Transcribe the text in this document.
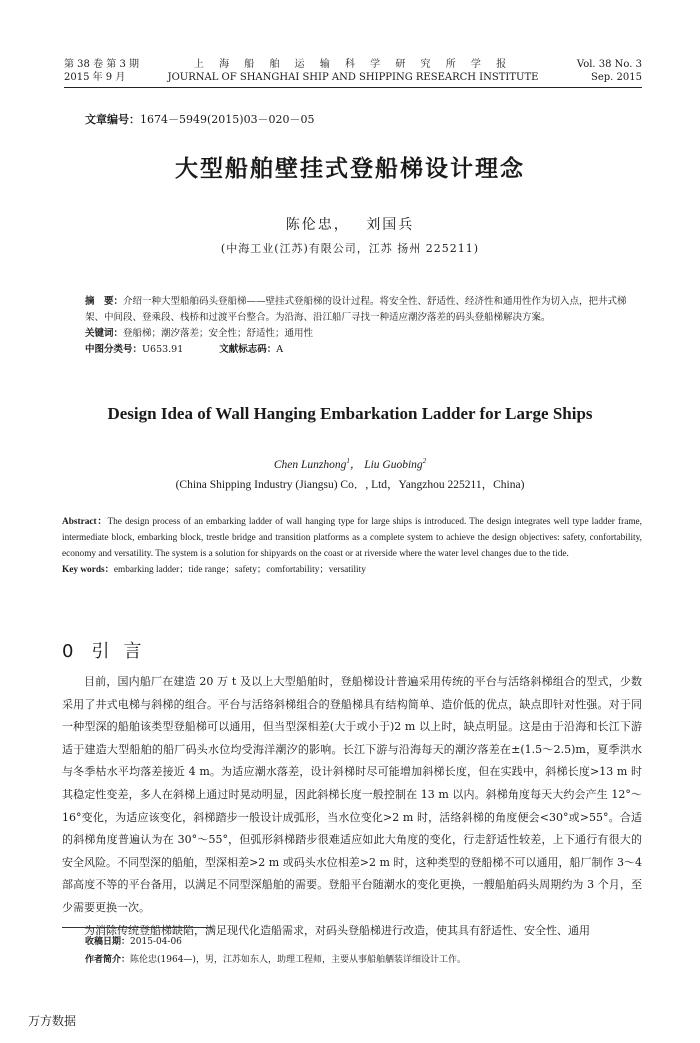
第 38 卷 第 3 期
2015 年 9 月
上 海 船 舶 运 输 科 学 研 究 所 学 报
JOURNAL OF SHANGHAI SHIP AND SHIPPING RESEARCH INSTITUTE
Vol. 38 No. 3
Sep. 2015
文章编号：1674－5949(2015)03－020－05
大型船舶壁挂式登船梯设计理念
陈伦忠， 刘国兵
(中海工业(江苏)有限公司，江苏 扬州 225211)

摘　要：介绍一种大型船舶码头登船梯——壁挂式登船梯的设计过程。将安全性、舒适性、经济性和通用性作为切入点，把井式梯架、中间段、登乘段、栈桥和过渡平台整合。为沿海、沿江船厂寻找一种适应潮汐落差的码头登船梯解决方案。

关键词：登船梯；潮汐落差；安全性；舒适性；通用性

中图分类号：U653.91	文献标志码：A

Design Idea of Wall Hanging Embarkation Ladder for Large Ships
Chen Lunzhong$^1$， Liu Guobing$^2$
(China Shipping Industry (Jiangsu) Co．, Ltd，Yangzhou 225211，China)

Abstract：The design process of an embarking ladder of wall hanging type for large ships is introduced. The design integrates well type ladder frame, intermediate block, embarking block, trestle bridge and transition platforms as a complete system to achieve the design objectives: safety, confortability, economy and versatility. The system is a solution for shipyards on the coast or at riverside where the water level changes due to the tide.

Key words：embarking ladder；tide range；safety；comfortability；versatility

0 引言

目前，国内船厂在建造 20 万 t 及以上大型船舶时，登船梯设计普遍采用传统的平台与活络斜梯组合的型式，少数采用了井式电梯与斜梯的组合。平台与活络斜梯组合的登船梯具有结构简单、造价低的优点，缺点即针对性强。对于同一种型深的船舶该类型登船梯可以通用，但当型深相差(大于或小于)2 m 以上时，缺点明显。这是由于沿海和长江下游适于建造大型船舶的船厂码头水位均受海洋潮汐的影响。长江下游与沿海每天的潮汐落差在±(1.5～2.5)m，夏季洪水与冬季枯水平均落差接近 4 m。为适应潮水落差，设计斜梯时尽可能增加斜梯长度，但在实践中，斜梯长度>13 m 时其稳定性变差，多人在斜梯上通过时晃动明显，因此斜梯长度一般控制在 13 m 以内。斜梯角度每天大约会产生 12°～16°变化，为适应该变化，斜梯踏步一般设计成弧形，当水位变化>2 m 时，活络斜梯的角度便会<30°或>55°。合适的斜梯角度普遍认为在 30°～55°，但弧形斜梯踏步很难适应如此大角度的变化，行走舒适性较差，上下通行有很大的安全风险。不同型深的船舶，型深相差>2 m 或码头水位相差>2 m 时，这种类型的登船梯不可以通用，船厂制作 3～4 部高度不等的平台备用，以满足不同型深船舶的需要。登船平台随潮水的变化更换，一艘船舶码头周期约为 3 个月，至少需要更换一次。

为消除传统登船梯缺陷，满足现代化造船需求，对码头登船梯进行改造，使其具有舒适性、安全性、通用

收稿日期：2015-04-06

作者简介：陈伦忠(1964—)，男，江苏如东人，助理工程师，主要从事船舶舾装详细设计工作。

万方数据
